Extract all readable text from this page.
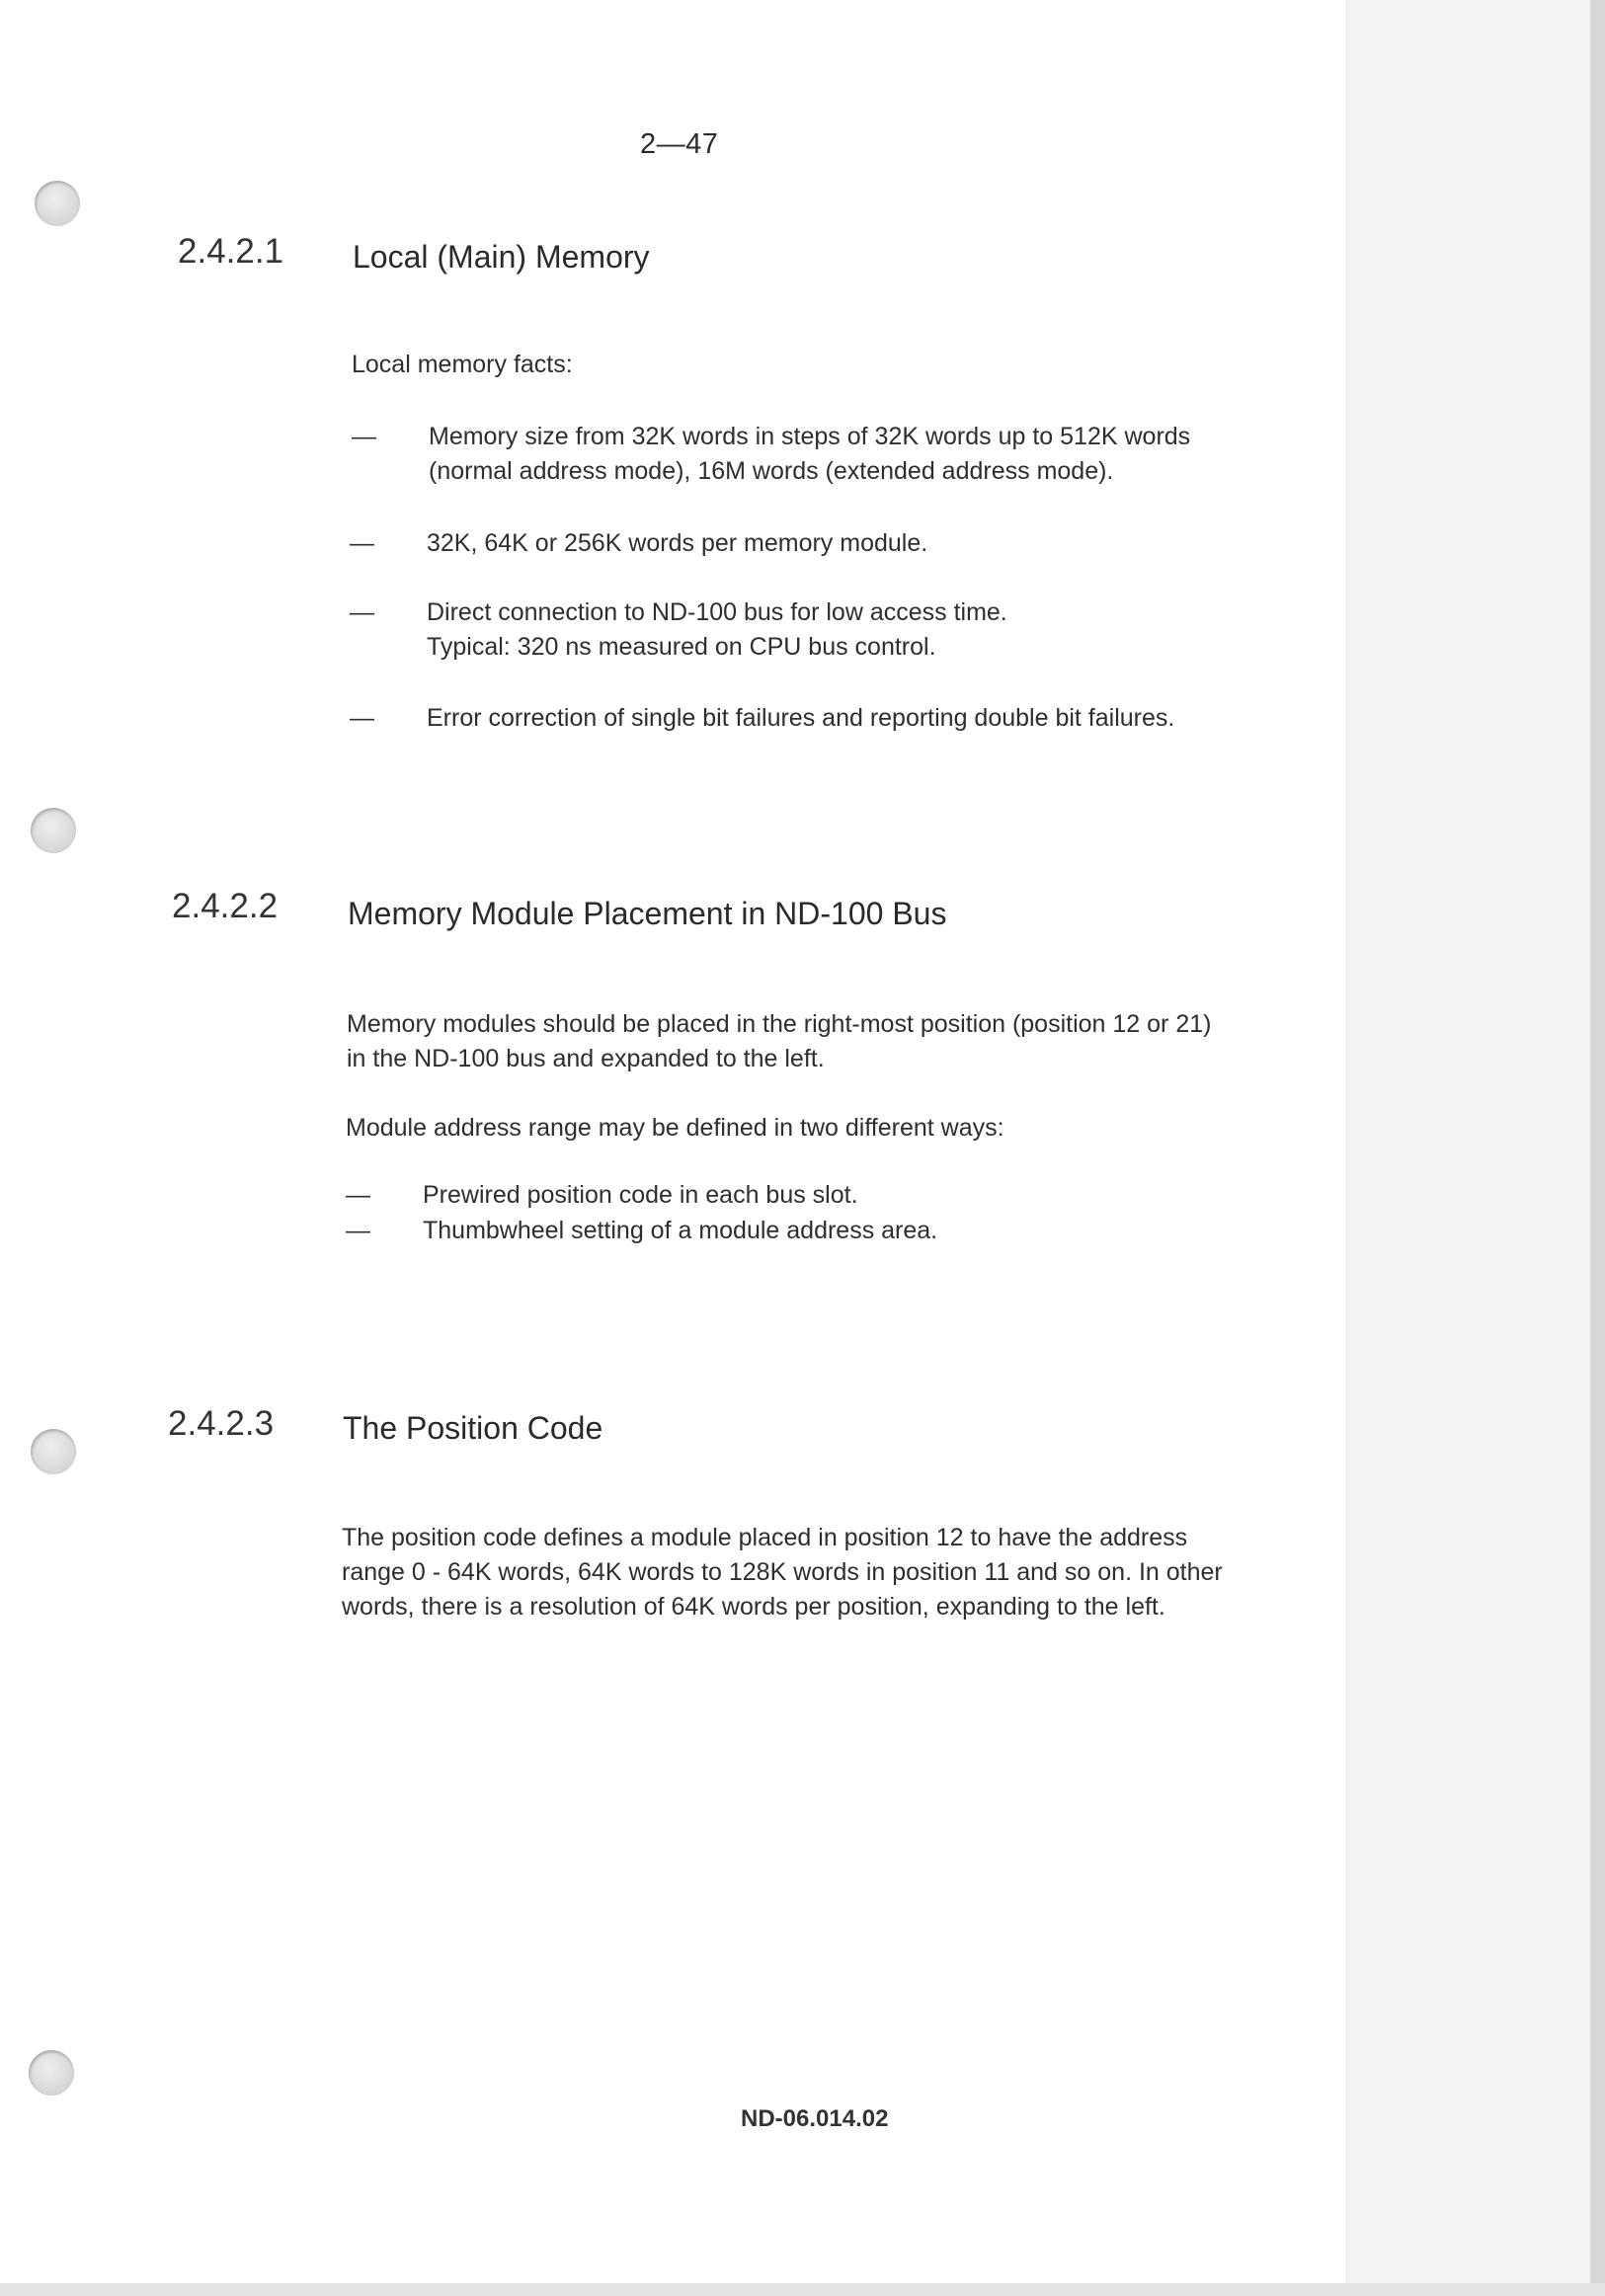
2—47
2.4.2.1 Local (Main) Memory
Local memory facts:
— Memory size from 32K words in steps of 32K words up to 512K words
(normal address mode), 16M words (extended address mode).
— 32K, 64K or 256K words per memory module.
— Direct connection to ND-100 bus for low access time.
Typical: 320 ns measured on CPU bus control.
— Error correction of single bit failures and reporting double bit failures.
2.4.2.2 Memory Module Placement in ND-100 Bus
Memory modules should be placed in the right-most position (position 12 or 21)
in the ND-100 bus and expanded to the left.
Module address range may be defined in two different ways:
— Prewired position code in each bus slot.
— Thumbwheel setting of a module address area.
2.4.2.3 The Position Code
The position code defines a module placed in position 12 to have the address
range 0 - 64K words, 64K words to 128K words in position 11 and so on. In other
words, there is a resolution of 64K words per position, expanding to the left.
ND-06.014.02
